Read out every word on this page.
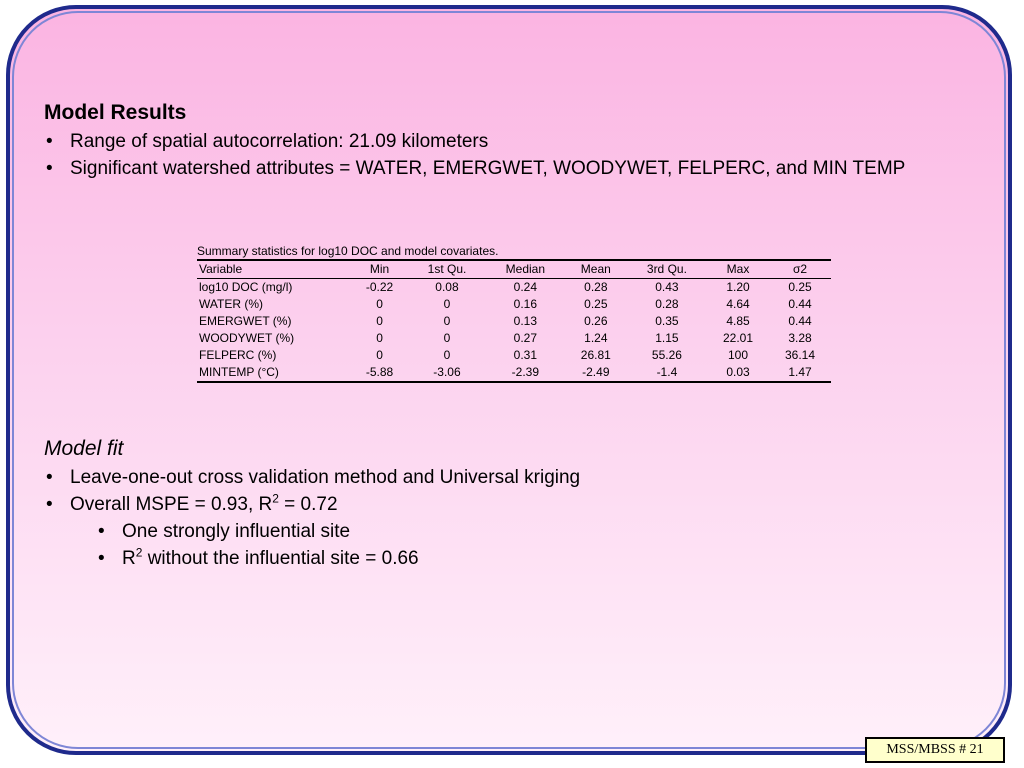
Model Results

• Range of spatial autocorrelation: 21.09 kilometers
• Significant watershed attributes = WATER, EMERGWET, WOODYWET, FELPERC, and MIN TEMP

Model fit

• Leave-one-out cross validation method and Universal kriging
• Overall MSPE = 0.93, $R^2 = 0.72$
• One strongly influential site
• $R^2$ without the influential site = 0.66
Summary statistics for log10 DOC and model covariates.
Variable	Min	1st Qu.	Median	Mean	3rd Qu.	Max	σ2
log10 DOC (mg/l)	-0.22	0.08	0.24	0.28	0.43	1.20	0.25
WATER (%)	0	0	0.16	0.25	0.28	4.64	0.44
EMERGWET (%)	0	0	0.13	0.26	0.35	4.85	0.44
WOODYWET (%)	0	0	0.27	1.24	1.15	22.01	3.28
FELPERC (%)	0	0	0.31	26.81	55.26	100	36.14
MINTEMP (°C)	-5.88	-3.06	-2.39	-2.49	-1.4	0.03	1.47
MSS/MBSS # 21
